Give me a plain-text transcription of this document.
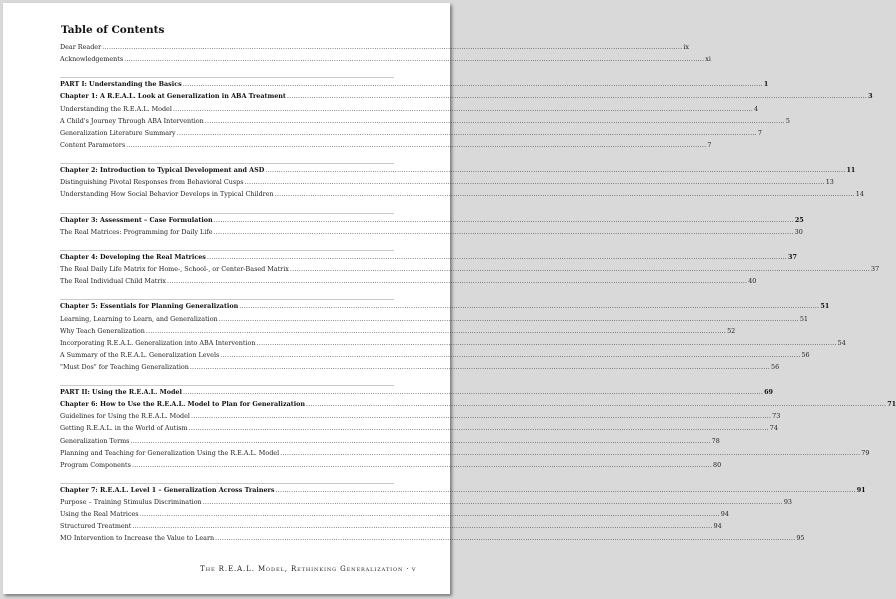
Table of Contents
Dear Reader .................................................................................................................................................................................................................................................................... ix
Acknowledgements .................................................................................................................................................................................................................................................................... xi
PART I: Understanding the Basics .................................................................................................................................................................................................................................................................... 1
Chapter 1: A R.E.A.L. Look at Generalization in ABA Treatment .................................................................................................................................................................................................................................................................... 3
Understanding the R.E.A.L. Model .................................................................................................................................................................................................................................................................... 4
A Child's Journey Through ABA Intervention .................................................................................................................................................................................................................................................................... 5
Generalization Literature Summary .................................................................................................................................................................................................................................................................... 7
Content Parameters .................................................................................................................................................................................................................................................................... 7
Chapter 2: Introduction to Typical Development and ASD .................................................................................................................................................................................................................................................................... 11
Distinguishing Pivotal Responses from Behavioral Cusps .................................................................................................................................................................................................................................................................... 13
Understanding How Social Behavior Develops in Typical Children .................................................................................................................................................................................................................................................................... 14
Chapter 3: Assessment – Case Formulation .................................................................................................................................................................................................................................................................... 25
The Real Matrices: Programming for Daily Life .................................................................................................................................................................................................................................................................... 30
Chapter 4: Developing the Real Matrices .................................................................................................................................................................................................................................................................... 37
The Real Daily Life Matrix for Home-, School-, or Center-Based Matrix .................................................................................................................................................................................................................................................................... 37
The Real Individual Child Matrix .................................................................................................................................................................................................................................................................... 40
Chapter 5: Essentials for Planning Generalization .................................................................................................................................................................................................................................................................... 51
Learning, Learning to Learn, and Generalization .................................................................................................................................................................................................................................................................... 51
Why Teach Generalization .................................................................................................................................................................................................................................................................... 52
Incorporating R.E.A.L. Generalization into ABA Intervention .................................................................................................................................................................................................................................................................... 54
A Summary of the R.E.A.L. Generalization Levels .................................................................................................................................................................................................................................................................... 56
"Must Dos" for Teaching Generalization .................................................................................................................................................................................................................................................................... 56
PART II: Using the R.E.A.L. Model .................................................................................................................................................................................................................................................................... 69
Chapter 6: How to Use the R.E.A.L. Model to Plan for Generalization .................................................................................................................................................................................................................................................................... 71
Guidelines for Using the R.E.A.L. Model .................................................................................................................................................................................................................................................................... 73
Getting R.E.A.L. in the World of Autism .................................................................................................................................................................................................................................................................... 74
Generalization Terms .................................................................................................................................................................................................................................................................... 78
Planning and Teaching for Generalization Using the R.E.A.L. Model .................................................................................................................................................................................................................................................................... 79
Program Components .................................................................................................................................................................................................................................................................... 80
Chapter 7: R.E.A.L. Level 1 – Generalization Across Trainers .................................................................................................................................................................................................................................................................... 91
Purpose – Training Stimulus Discrimination .................................................................................................................................................................................................................................................................... 93
Using the Real Matrices .................................................................................................................................................................................................................................................................... 94
Structured Treatment .................................................................................................................................................................................................................................................................... 94
MO Intervention to Increase the Value to Learn .................................................................................................................................................................................................................................................................... 95
The R.E.A.L. Model, Rethinking Generalization · v
